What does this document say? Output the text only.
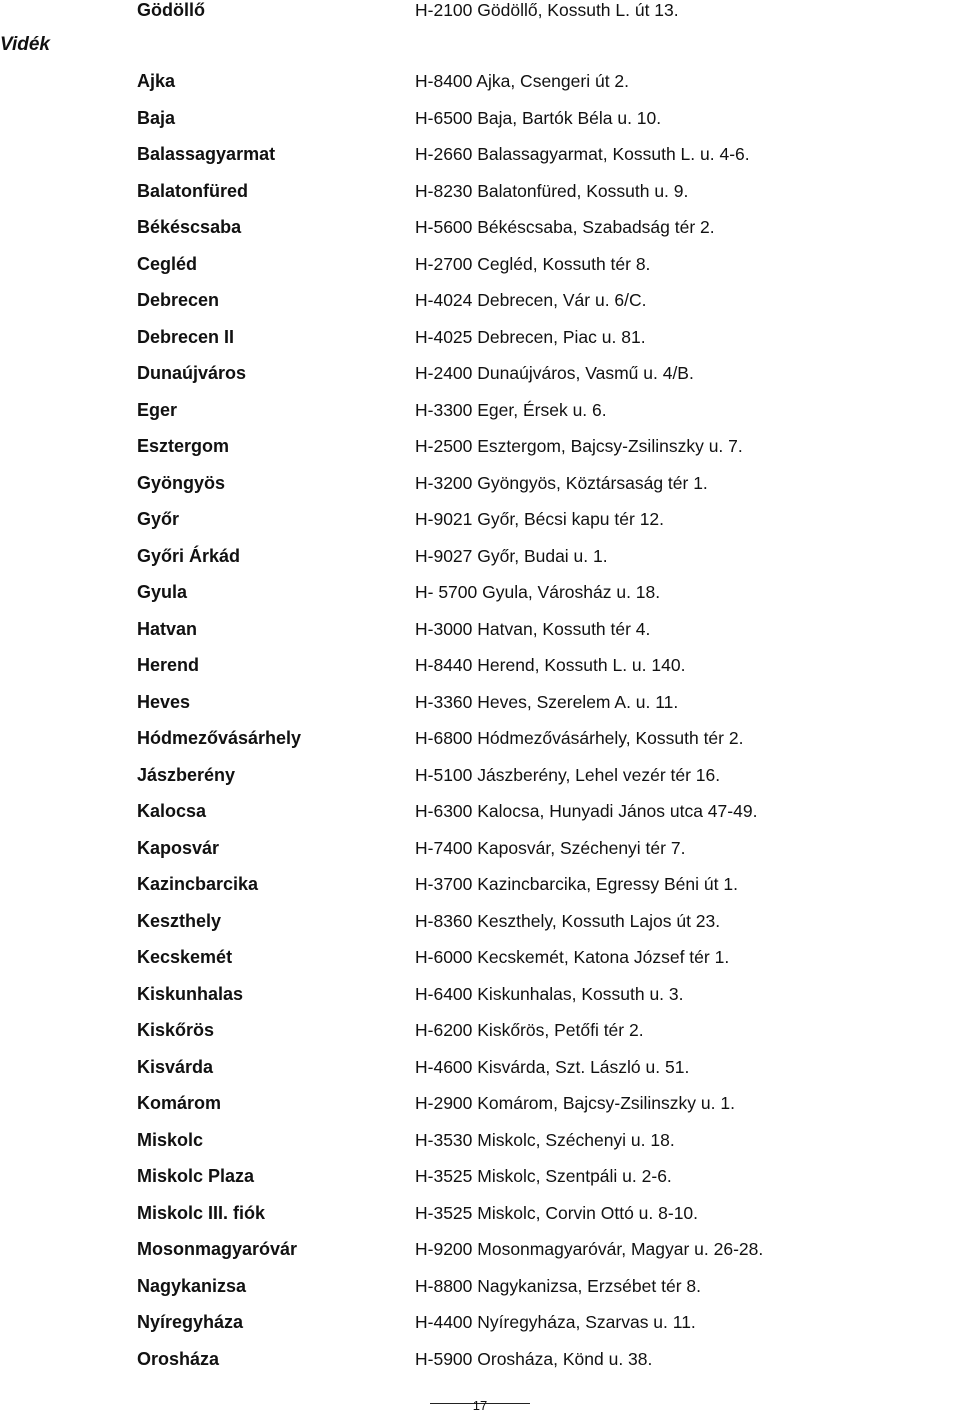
Gödöllő	H-2100 Gödöllő, Kossuth L. út 13.
Vidék
Ajka	H-8400 Ajka, Csengeri út 2.
Baja	H-6500 Baja, Bartók Béla u. 10.
Balassagyarmat	H-2660 Balassagyarmat, Kossuth L. u. 4-6.
Balatonfüred	H-8230 Balatonfüred, Kossuth u. 9.
Békéscsaba	H-5600 Békéscsaba, Szabadság tér 2.
Cegléd	H-2700 Cegléd, Kossuth tér 8.
Debrecen	H-4024 Debrecen, Vár u. 6/C.
Debrecen II	H-4025 Debrecen, Piac u. 81.
Dunaújváros	H-2400 Dunaújváros, Vasmű u. 4/B.
Eger	H-3300 Eger, Érsek u. 6.
Esztergom	H-2500 Esztergom, Bajcsy-Zsilinszky u. 7.
Gyöngyös	H-3200 Gyöngyös, Köztársaság tér 1.
Győr	H-9021 Győr, Bécsi kapu tér 12.
Győri Árkád	H-9027 Győr, Budai u. 1.
Gyula	H- 5700 Gyula, Városház u. 18.
Hatvan	H-3000 Hatvan, Kossuth tér 4.
Herend	H-8440 Herend, Kossuth L. u. 140.
Heves	H-3360 Heves, Szerelem A. u. 11.
Hódmezővásárhely	H-6800 Hódmezővásárhely, Kossuth tér 2.
Jászberény	H-5100 Jászberény, Lehel vezér tér 16.
Kalocsa	H-6300 Kalocsa, Hunyadi János utca 47-49.
Kaposvár	H-7400 Kaposvár, Széchenyi tér 7.
Kazincbarcika	H-3700 Kazincbarcika, Egressy Béni út 1.
Keszthely	H-8360 Keszthely, Kossuth Lajos út 23.
Kecskemét	H-6000 Kecskemét, Katona József tér 1.
Kiskunhalas	H-6400 Kiskunhalas, Kossuth u. 3.
Kiskőrös	H-6200 Kiskőrös, Petőfi tér 2.
Kisvárda	H-4600 Kisvárda, Szt. László u. 51.
Komárom	H-2900 Komárom, Bajcsy-Zsilinszky u. 1.
Miskolc	H-3530 Miskolc, Széchenyi u. 18.
Miskolc Plaza	H-3525 Miskolc, Szentpáli u. 2-6.
Miskolc III. fiók	H-3525 Miskolc, Corvin Ottó u. 8-10.
Mosonmagyaróvár	H-9200 Mosonmagyaróvár, Magyar u. 26-28.
Nagykanizsa	H-8800 Nagykanizsa, Erzsébet tér 8.
Nyíregyháza	H-4400 Nyíregyháza, Szarvas u. 11.
Orosháza	H-5900 Orosháza, Könd u. 38.
17
